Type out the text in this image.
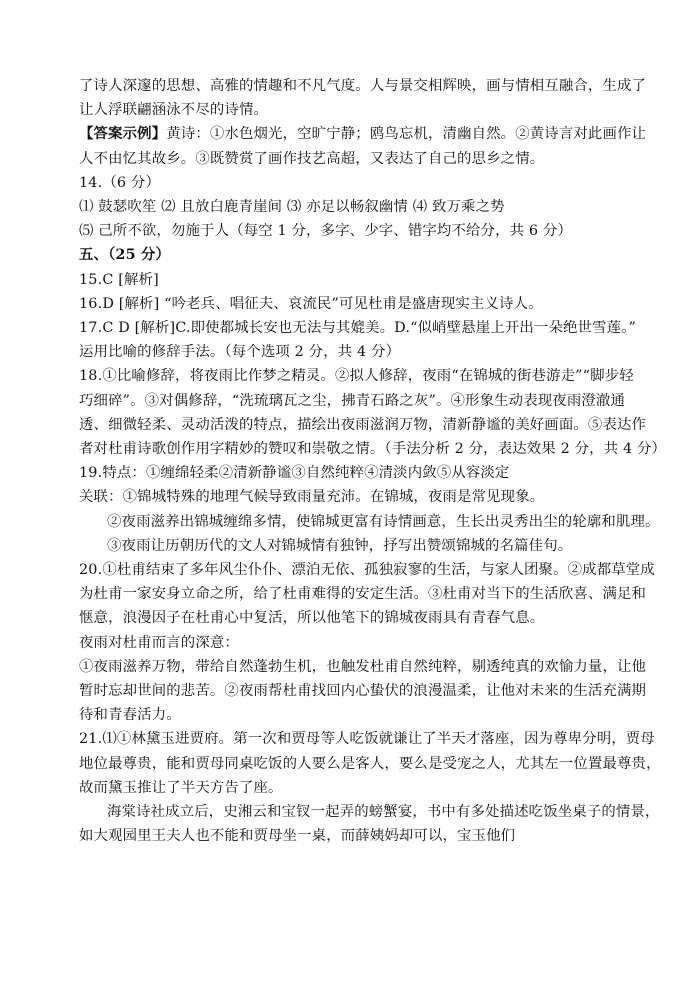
了诗人深邃的思想、高雅的情趣和不凡气度。人与景交相辉映，画与情相互融合，生成了
让人浮联翩涵泳不尽的诗情。
【答案示例】黄诗：①水色烟光，空旷宁静；鸥鸟忘机，清幽自然。②黄诗言对此画作让
人不由忆其故乡。③既赞赏了画作技艺高超，又表达了自己的思乡之情。
14.（6 分）
⑴ 鼓瑟吹笙 ⑵ 且放白鹿青崖间 ⑶ 亦足以畅叙幽情 ⑷ 致万乘之势
⑸ 己所不欲，勿施于人（每空 1 分，多字、少字、错字均不给分，共 6 分）
五、（25 分）
15.C [解析]
16.D [解析] “吟老兵、唱征夫、哀流民”可见杜甫是盛唐现实主义诗人。
17.C D [解析]C.即使都城长安也无法与其媲美。D.“似峭壁悬崖上开出一朵绝世雪莲。”
运用比喻的修辞手法。（每个选项 2 分，共 4 分）
18.①比喻修辞，将夜雨比作梦之精灵。②拟人修辞，夜雨“在锦城的街巷游走”“脚步轻
巧细碎”。③对偶修辞，“洗琉璃瓦之尘，拂青石路之灰”。④形象生动表现夜雨澄澈通
透、细微轻柔、灵动活泼的特点，描绘出夜雨滋润万物，清新静谧的美好画面。⑤表达作
者对杜甫诗歌创作用字精妙的赞叹和崇敬之情。（手法分析 2 分，表达效果 2 分，共 4 分）
19.特点：①缠绵轻柔②清新静谧③自然纯粹④清淡内敛⑤从容淡定
关联：①锦城特殊的地理气候导致雨量充沛。在锦城，夜雨是常见现象。
②夜雨滋养出锦城缠绵多情，使锦城更富有诗情画意，生长出灵秀出尘的轮廓和肌理。
③夜雨让历朝历代的文人对锦城情有独钟，抒写出赞颂锦城的名篇佳句。
20.①杜甫结束了多年风尘仆仆、漂泊无依、孤独寂寥的生活，与家人团聚。②成都草堂成
为杜甫一家安身立命之所，给了杜甫难得的安定生活。③杜甫对当下的生活欣喜、满足和
惬意，浪漫因子在杜甫心中复活，所以他笔下的锦城夜雨具有青春气息。
夜雨对杜甫而言的深意：
①夜雨滋养万物，带给自然蓬勃生机，也触发杜甫自然纯粹，剔透纯真的欢愉力量，让他
暂时忘却世间的悲苦。②夜雨帮杜甫找回内心蛰伏的浪漫温柔，让他对未来的生活充满期
待和青春活力。
21.⑴①林黛玉进贾府。第一次和贾母等人吃饭就谦让了半天才落座，因为尊卑分明，贾母
地位最尊贵，能和贾母同桌吃饭的人要么是客人，要么是受宠之人，尤其左一位置最尊贵，
故而黛玉推让了半天方告了座。
海棠诗社成立后，史湘云和宝钗一起弄的螃蟹宴，书中有多处描述吃饭坐桌子的情景，
如大观园里王夫人也不能和贾母坐一桌，而薛姨妈却可以，宝玉他们
